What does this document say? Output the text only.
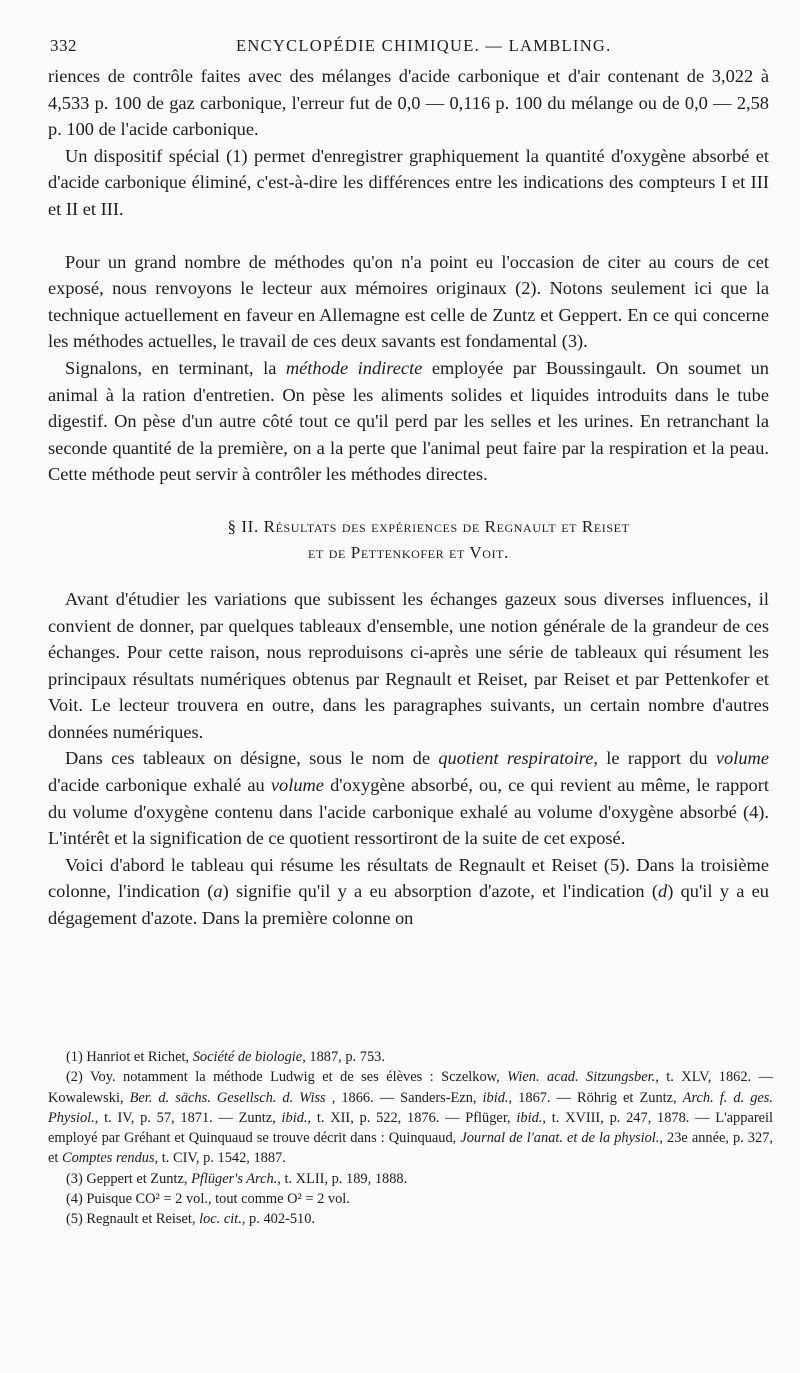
332	ENCYCLOPÉDIE CHIMIQUE. — LAMBLING.

riences de contrôle faites avec des mélanges d'acide carbonique et d'air contenant de 3,022 à 4,533 p. 100 de gaz carbonique, l'erreur fut de 0,0 — 0,116 p. 100 du mélange ou de 0,0 — 2,58 p. 100 de l'acide carbonique.

Un dispositif spécial (1) permet d'enregistrer graphiquement la quantité d'oxygène absorbé et d'acide carbonique éliminé, c'est-à-dire les différences entre les indications des compteurs I et III et II et III.

Pour un grand nombre de méthodes qu'on n'a point eu l'occasion de citer au cours de cet exposé, nous renvoyons le lecteur aux mémoires originaux (2). Notons seulement ici que la technique actuellement en faveur en Allemagne est celle de Zuntz et Geppert. En ce qui concerne les méthodes actuelles, le travail de ces deux savants est fondamental (3).

Signalons, en terminant, la méthode indirecte employée par Boussingault. On soumet un animal à la ration d'entretien. On pèse les aliments solides et liquides introduits dans le tube digestif. On pèse d'un autre côté tout ce qu'il perd par les selles et les urines. En retranchant la seconde quantité de la première, on a la perte que l'animal peut faire par la respiration et la peau. Cette méthode peut servir à contrôler les méthodes directes.

§ II. Résultats des expériences de Regnault et Reiset
et de Pettenkofer et Voit.

Avant d'étudier les variations que subissent les échanges gazeux sous diverses influences, il convient de donner, par quelques tableaux d'ensemble, une notion générale de la grandeur de ces échanges. Pour cette raison, nous reproduisons ci-après une série de tableaux qui résument les principaux résultats numériques obtenus par Regnault et Reiset, par Reiset et par Pettenkofer et Voit. Le lecteur trouvera en outre, dans les paragraphes suivants, un certain nombre d'autres données numériques.

Dans ces tableaux on désigne, sous le nom de quotient respiratoire, le rapport du volume d'acide carbonique exhalé au volume d'oxygène absorbé, ou, ce qui revient au même, le rapport du volume d'oxygène contenu dans l'acide carbonique exhalé au volume d'oxygène absorbé (4). L'intérêt et la signification de ce quotient ressortiront de la suite de cet exposé.

Voici d'abord le tableau qui résume les résultats de Regnault et Reiset (5). Dans la troisième colonne, l'indication (a) signifie qu'il y a eu absorption d'azote, et l'indication (d) qu'il y a eu dégagement d'azote. Dans la première colonne on

(1) Hanriot et Richet, Société de biologie, 1887, p. 753.

(2) Voy. notamment la méthode Ludwig et de ses élèves : Sczelkow, Wien. acad. Sitzungsber., t. XLV, 1862. — Kowalewski, Ber. d. sächs. Gesellsch. d. Wiss , 1866. — Sanders-Ezn, ibid., 1867. — Röhrig et Zuntz, Arch. f. d. ges. Physiol., t. IV, p. 57, 1871. — Zuntz, ibid., t. XII, p. 522, 1876. — Pflüger, ibid., t. XVIII, p. 247, 1878. — L'appareil employé par Gréhant et Quinquaud se trouve décrit dans : Quinquaud, Journal de l'anat. et de la physiol., 23e année, p. 327, et Comptes rendus, t. CIV, p. 1542, 1887.

(3) Geppert et Zuntz, Pflüger's Arch., t. XLII, p. 189, 1888.

(4) Puisque CO² = 2 vol., tout comme O² = 2 vol.

(5) Regnault et Reiset, loc. cit., p. 402-510.
